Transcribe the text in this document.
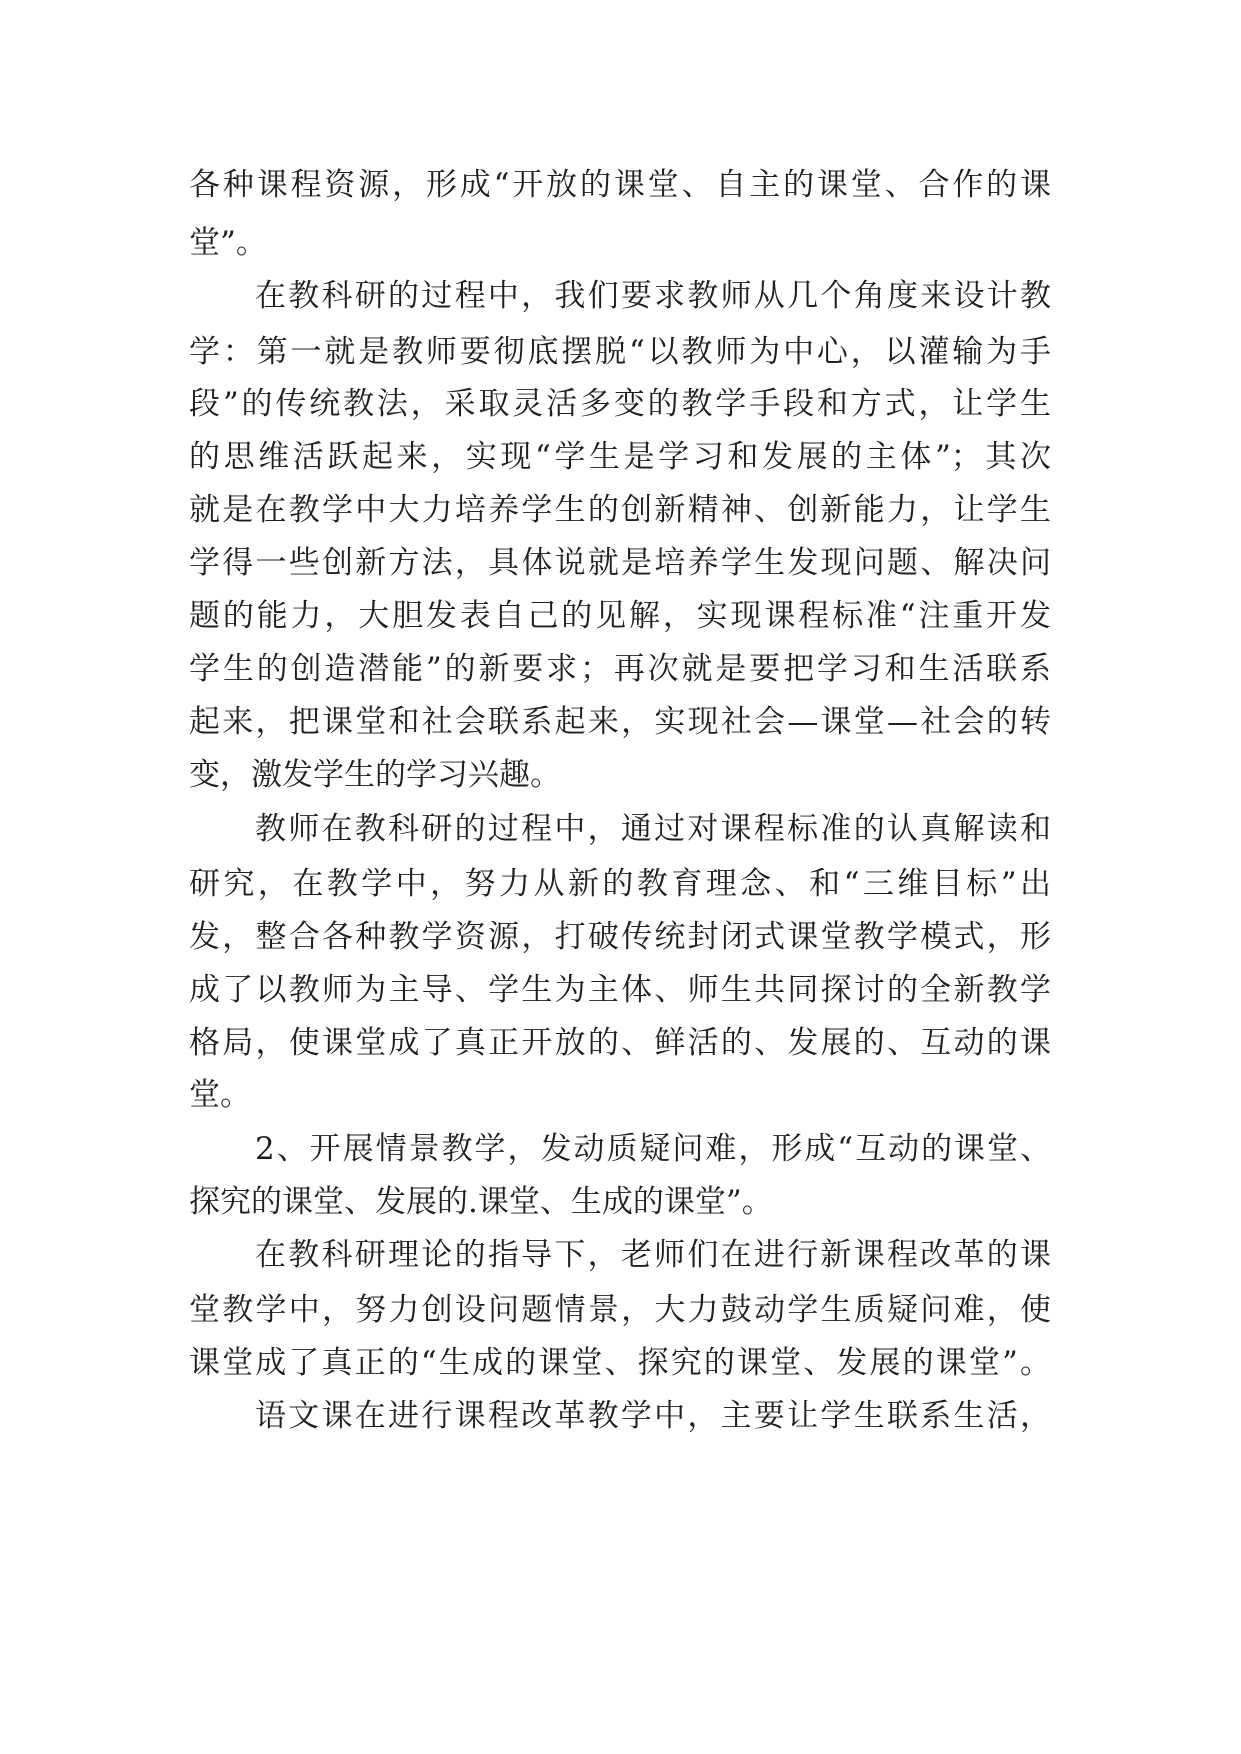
各种课程资源，形成“开放的课堂、自主的课堂、合作的课
堂”。
在教科研的过程中，我们要求教师从几个角度来设计教
学：第一就是教师要彻底摆脱“以教师为中心，以灌输为手
段”的传统教法，采取灵活多变的教学手段和方式，让学生
的思维活跃起来，实现“学生是学习和发展的主体”；其次
就是在教学中大力培养学生的创新精神、创新能力，让学生
学得一些创新方法，具体说就是培养学生发现问题、解决问
题的能力，大胆发表自己的见解，实现课程标准“注重开发
学生的创造潜能”的新要求；再次就是要把学习和生活联系
起来，把课堂和社会联系起来，实现社会—课堂—社会的转
变，激发学生的学习兴趣。
教师在教科研的过程中，通过对课程标准的认真解读和
研究，在教学中，努力从新的教育理念、和“三维目标”出
发，整合各种教学资源，打破传统封闭式课堂教学模式，形
成了以教师为主导、学生为主体、师生共同探讨的全新教学
格局，使课堂成了真正开放的、鲜活的、发展的、互动的课
堂。
2、开展情景教学，发动质疑问难，形成“互动的课堂、
探究的课堂、发展的.课堂、生成的课堂”。
在教科研理论的指导下，老师们在进行新课程改革的课
堂教学中，努力创设问题情景，大力鼓动学生质疑问难，使
课堂成了真正的“生成的课堂、探究的课堂、发展的课堂”。
语文课在进行课程改革教学中，主要让学生联系生活，
